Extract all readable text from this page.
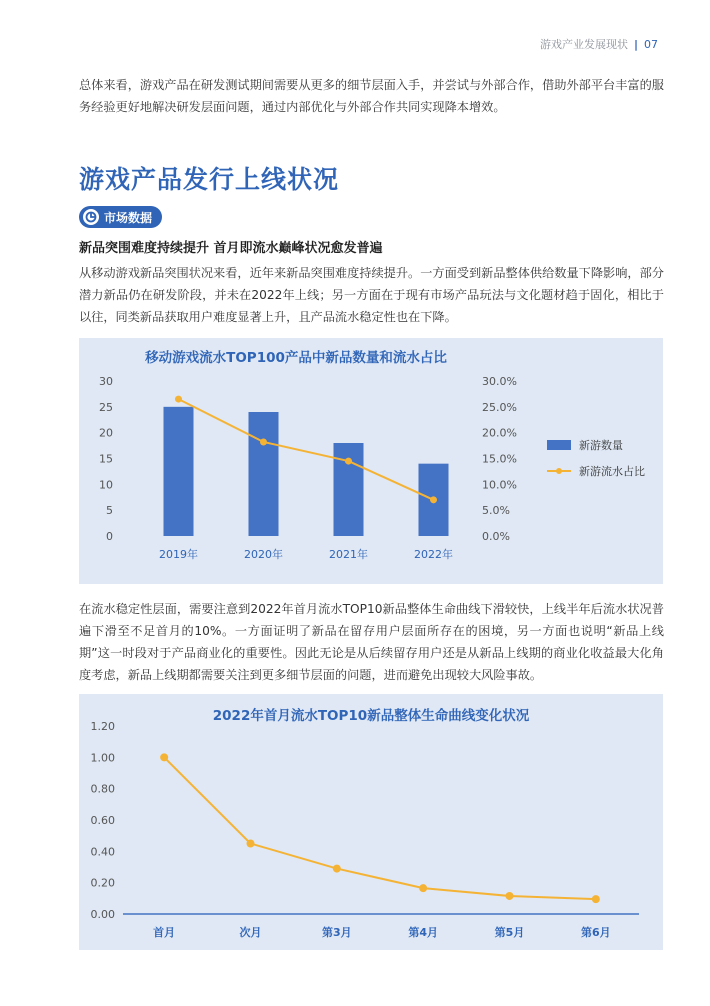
游戏产业发展现状 | 07
总体来看，游戏产品在研发测试期间需要从更多的细节层面入手，并尝试与外部合作，借助外部平台丰富的服务经验更好地解决研发层面问题，通过内部优化与外部合作共同实现降本增效。
游戏产品发行上线状况
市场数据
新品突围难度持续提升 首月即流水巅峰状况愈发普遍
从移动游戏新品突围状况来看，近年来新品突围难度持续提升。一方面受到新品整体供给数量下降影响，部分潜力新品仍在研发阶段，并未在2022年上线；另一方面在于现有市场产品玩法与文化题材趋于固化，相比于以往，同类新品获取用户难度显著上升，且产品流水稳定性也在下降。
移动游戏流水TOP100产品中新品数量和流水占比
0
5
10
15
20
25
30
0.0%
5.0%
10.0%
15.0%
20.0%
25.0%
30.0%
2019年	2020年	2021年	2022年
新游数量
新游流水占比
在流水稳定性层面，需要注意到2022年首月流水TOP10新品整体生命曲线下滑较快，上线半年后流水状况普遍下滑至不足首月的10%。一方面证明了新品在留存用户层面所存在的困境，另一方面也说明“新品上线期”这一时段对于产品商业化的重要性。因此无论是从后续留存用户还是从新品上线期的商业化收益最大化角度考虑，新品上线期都需要关注到更多细节层面的问题，进而避免出现较大风险事故。
2022年首月流水TOP10新品整体生命曲线变化状况
0.00
0.20
0.40
0.60
0.80
1.00
1.20
首月	次月	第3月	第4月	第5月	第6月
